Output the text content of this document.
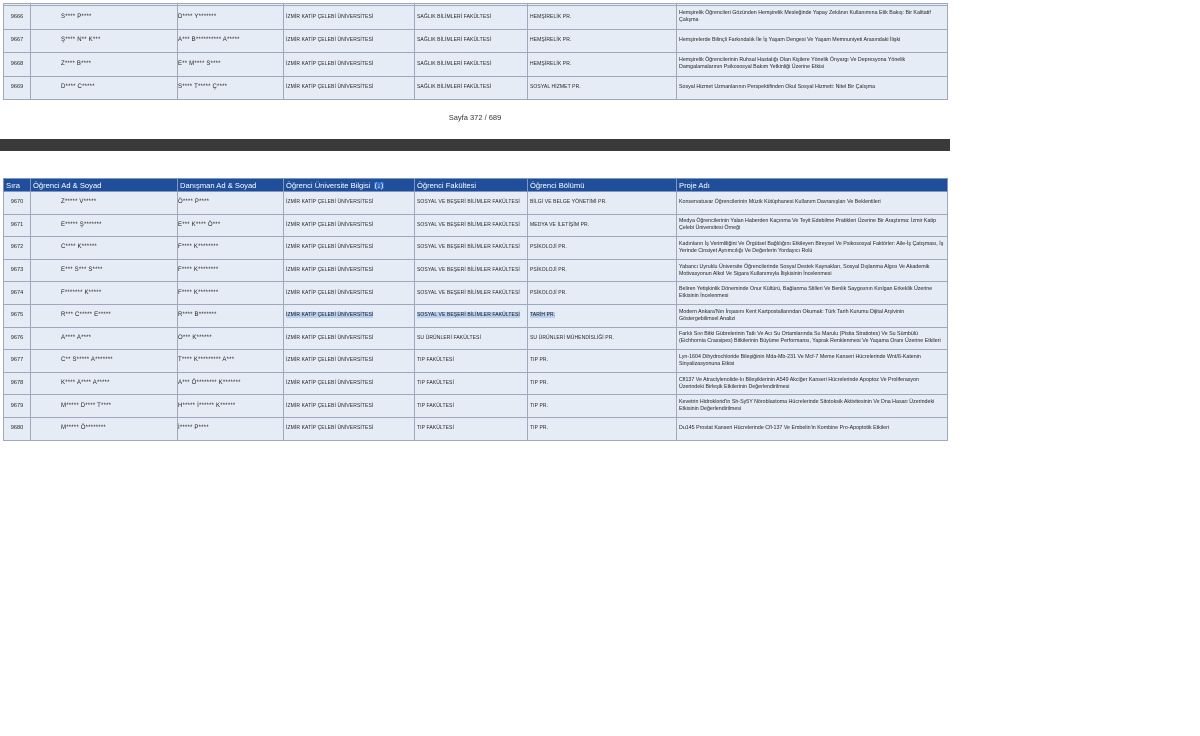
9666	S**** P****	D**** Y*******	İZMİR KATİP ÇELEBİ ÜNİVERSİTESİ	SAĞLIK BİLİMLERİ FAKÜLTESİ	HEMŞİRELİK PR.	Hemşirelik Öğrencileri Gözünden Hemşirelik Mesleğinde Yapay Zekânın Kullanımına Etik Bakış: Bir Kalitatif Çalışma
9667	Ş**** N** K***	A*** B********** A*****	İZMİR KATİP ÇELEBİ ÜNİVERSİTESİ	SAĞLIK BİLİMLERİ FAKÜLTESİ	HEMŞİRELİK PR.	Hemşirelerde Bilinçli Farkındalık İle İş Yaşam Dengesi Ve Yaşam Memnuniyeti Arasındaki İlişki
9668	Z**** B****	E** M**** S****	İZMİR KATİP ÇELEBİ ÜNİVERSİTESİ	SAĞLIK BİLİMLERİ FAKÜLTESİ	HEMŞİRELİK PR.	Hemşirelik Öğrencilerinin Ruhsal Hastalığı Olan Kişilere Yönelik Önyargı Ve Depresyona Yönelik Damgalamalarının Psikososyal Bakım Yetkinliği Üzerine Etkisi
9669	D**** C*****	S**** T***** Ç****	İZMİR KATİP ÇELEBİ ÜNİVERSİTESİ	SAĞLIK BİLİMLERİ FAKÜLTESİ	SOSYAL HİZMET PR.	Sosyal Hizmet Uzmanlarının Perspektifinden Okul Sosyal Hizmeti: Nitel Bir Çalışma
Sayfa 372 / 689
Sıra	Öğrenci Ad & Soyad	Danışman Ad & Soyad	Öğrenci Üniversite Bilgisi (↓)	Öğrenci Fakültesi	Öğrenci Bölümü	Proje Adı
9670	Z***** V*****	Ö**** P****	İZMİR KATİP ÇELEBİ ÜNİVERSİTESİ	SOSYAL VE BEŞERİ BİLİMLER FAKÜLTESİ	BİLGİ VE BELGE YÖNETİMİ PR.	Konservatuvar Öğrencilerinin Müzik Kütüphanesi Kullanım Davranışları Ve Beklentileri
9671	E***** Ş*******	E*** K**** Ö***	İZMİR KATİP ÇELEBİ ÜNİVERSİTESİ	SOSYAL VE BEŞERİ BİLİMLER FAKÜLTESİ	MEDYA VE İLETİŞİM PR.	Medya Öğrencilerinin Yalan Haberden Kaçınma Ve Teyit Edebilme Pratikleri Üzerine Bir Araştırma: İzmir Katip Çelebi Üniversitesi Örneği
9672	C**** K******	F**** K********	İZMİR KATİP ÇELEBİ ÜNİVERSİTESİ	SOSYAL VE BEŞERİ BİLİMLER FAKÜLTESİ	PSİKOLOJİ PR.	Kadınların İş Verimliliğini Ve Örgütsel Bağlılığını Etkileyen Bireysel Ve Psikososyal Faktörler: Aile-İş Çatışması, İş Yerinde Cinsiyet Ayrımcılığı Ve Değerlerin Yordayıcı Rolü
9673	E*** S*** S****	F**** K********	İZMİR KATİP ÇELEBİ ÜNİVERSİTESİ	SOSYAL VE BEŞERİ BİLİMLER FAKÜLTESİ	PSİKOLOJİ PR.	Yabancı Uyruklu Üniversite Öğrencilerinde Sosyal Destek Kaynakları, Sosyal Dışlanma Algısı Ve Akademik Motivasyonun Alkol Ve Sigara Kullanımıyla İlişkisinin İncelenmesi
9674	F******* K*****	F**** K********	İZMİR KATİP ÇELEBİ ÜNİVERSİTESİ	SOSYAL VE BEŞERİ BİLİMLER FAKÜLTESİ	PSİKOLOJİ PR.	Beliren Yetişkinlik Döneminde Onur Kültürü, Bağlanma Stilleri Ve Benlik Saygısının Kırılgan Erkeklik Üzerine Etkisinin İncelenmesi
9675	R*** C***** E*****	R**** B*******	İZMİR KATİP ÇELEBİ ÜNİVERSİTESİ	SOSYAL VE BEŞERİ BİLİMLER FAKÜLTESİ	TARİH PR.	Modern Ankara'Nın İnşasını Kent Kartpostallarından Okumak: Türk Tarih Kurumu Dijital Arşivinin Göstergebilimsel Analizi
9676	A**** A****	O*** K******	İZMİR KATİP ÇELEBİ ÜNİVERSİTESİ	SU ÜRÜNLERİ FAKÜLTESİ	SU ÜRÜNLERİ MÜHENDİSLİĞİ PR.	Farklı Sıvı Bitki Gübrelerinin Tatlı Ve Acı Su Ortamlarında Su Marulu (Pistia Stratiotes) Ve Su Sümbülü (Eichhornia Crassipes) Bitkilerinin Büyüme Performansı, Yaprak Renklenmesi Ve Yaşama Oranı Üzerine Etkileri
9677	C** S***** A*******	T**** K********* A***	İZMİR KATİP ÇELEBİ ÜNİVERSİTESİ	TIP FAKÜLTESİ	TIP PR.	Lyn-1604 Dihydrochloride Bileşiğinin Mda-Mb-231 Ve Mcf-7 Meme Kanseri Hücrelerinde Wnt/ß-Katenin Sinyalizasyonuna Etkisi
9678	K**** A**** A*****	A*** Ö******** K*******	İZMİR KATİP ÇELEBİ ÜNİVERSİTESİ	TIP FAKÜLTESİ	TIP PR.	Cfl137 Ve Atractylenolide-Iıı Bileşiklerinin A549 Akciğer Kanseri Hücrelerinde Apoptoz Ve Proliferasyon Üzerindeki Birleşik Etkilerinin Değerlendirilmesi
9679	M***** D**** T****	H***** İ****** K******	İZMİR KATİP ÇELEBİ ÜNİVERSİTESİ	TIP FAKÜLTESİ	TIP PR.	Kevetrin Hidroklorid'in Sh-Sy5Y Nöroblastoma Hücrelerinde Sitotoksik Aktivitesinin Ve Dna Hasarı Üzerindeki Etkisinin Değerlendirilmesi
9680	M***** Ö********	İ***** P****	İZMİR KATİP ÇELEBİ ÜNİVERSİTESİ	TIP FAKÜLTESİ	TIP PR.	Du145 Prostat Kanseri Hücrelerinde Cfl-137 Ve Embelin'in Kombine Pro-Apoptotik Etkileri
